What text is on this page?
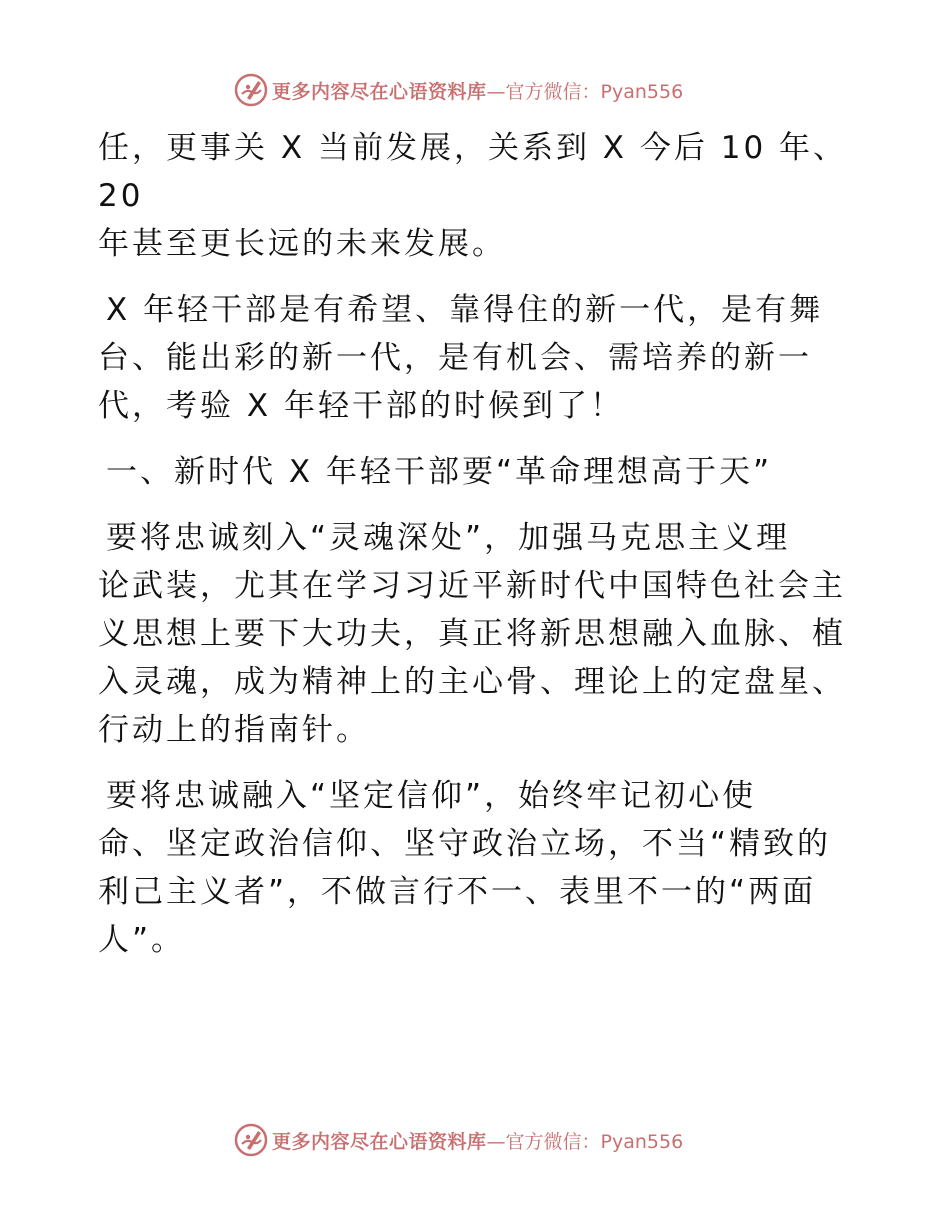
更多内容尽在心语资料库 —官方微信：Pyan556

任，更事关 X 当前发展，关系到 X 今后 10 年、20
年甚至更长远的未来发展。

X 年轻干部是有希望、靠得住的新一代，是有舞
台、能出彩的新一代，是有机会、需培养的新一
代，考验 X 年轻干部的时候到了！

一、新时代 X 年轻干部要“革命理想高于天”

要将忠诚刻入“灵魂深处”，加强马克思主义理
论武装，尤其在学习习近平新时代中国特色社会主
义思想上要下大功夫，真正将新思想融入血脉、植
入灵魂，成为精神上的主心骨、理论上的定盘星、
行动上的指南针。

要将忠诚融入“坚定信仰”，始终牢记初心使
命、坚定政治信仰、坚守政治立场，不当“精致的
利己主义者”，不做言行不一、表里不一的“两面
人”。

更多内容尽在心语资料库 —官方微信：Pyan556
